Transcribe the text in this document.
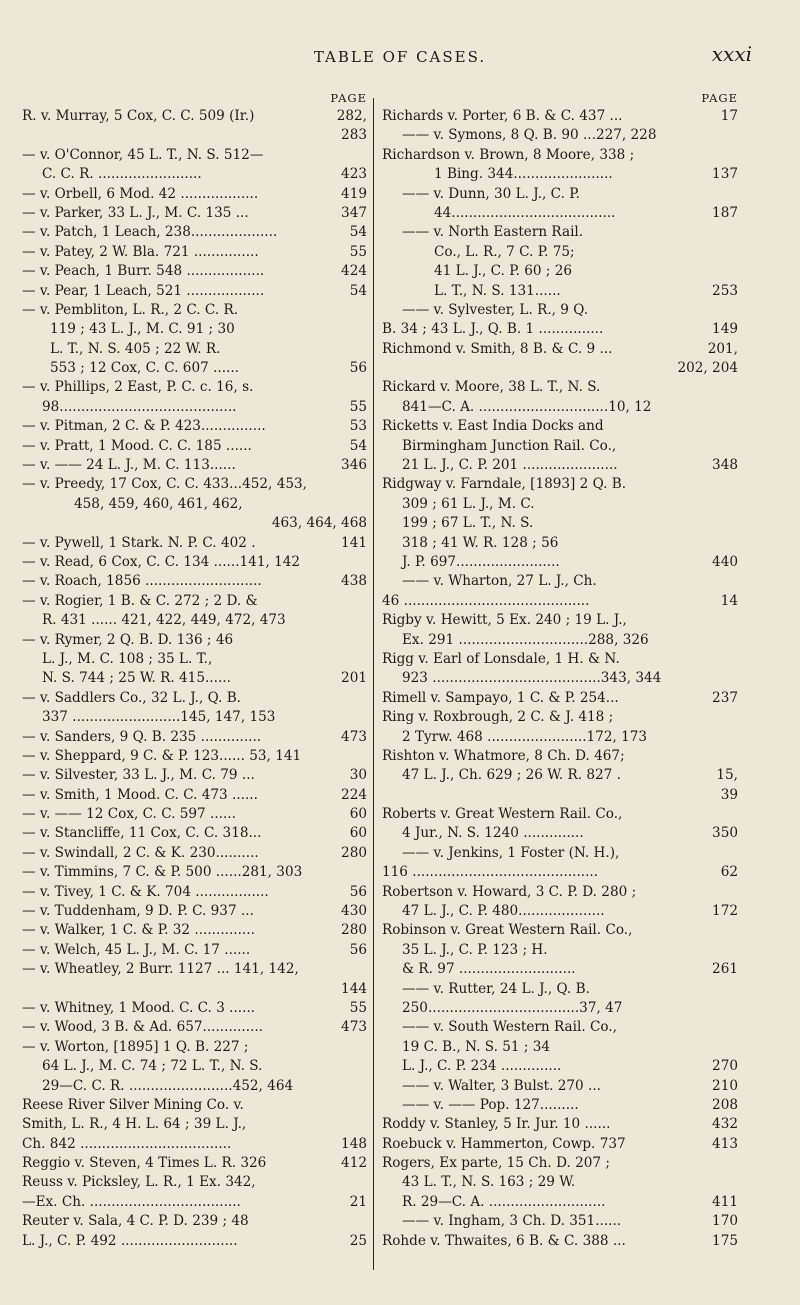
TABLE OF CASES.	xxxi
PAGE
R. v. Murray, 5 Cox, C. C. 509 (Ir.)	282,
283
— v. O'Connor, 45 L. T., N. S. 512—
C. C. R. ........................	423
— v. Orbell, 6 Mod. 42 ..................	419
— v. Parker, 33 L. J., M. C. 135 ...	347
— v. Patch, 1 Leach, 238....................	54
— v. Patey, 2 W. Bla. 721 ...............	55
— v. Peach, 1 Burr. 548 ..................	424
— v. Pear, 1 Leach, 521 ..................	54
— v. Pembliton, L. R., 2 C. C. R.
119 ; 43 L. J., M. C. 91 ; 30
L. T., N. S. 405 ; 22 W. R.
553 ; 12 Cox, C. C. 607 ......	56
— v. Phillips, 2 East, P. C. c. 16, s.
98.........................................	55
— v. Pitman, 2 C. & P. 423...............	53
— v. Pratt, 1 Mood. C. C. 185 ......	54
— v. —— 24 L. J., M. C. 113......	346
— v. Preedy, 17 Cox, C. C. 433...452, 453,
458, 459, 460, 461, 462,
463, 464, 468
— v. Pywell, 1 Stark. N. P. C. 402 .	141
— v. Read, 6 Cox, C. C. 134 ......141, 142
— v. Roach, 1856 ...........................	438
— v. Rogier, 1 B. & C. 272 ; 2 D. &
R. 431 ...... 421, 422, 449, 472, 473
— v. Rymer, 2 Q. B. D. 136 ; 46
L. J., M. C. 108 ; 35 L. T.,
N. S. 744 ; 25 W. R. 415......	201
— v. Saddlers Co., 32 L. J., Q. B.
337 .........................145, 147, 153
— v. Sanders, 9 Q. B. 235 ..............	473
— v. Sheppard, 9 C. & P. 123...... 53, 141
— v. Silvester, 33 L. J., M. C. 79 ...	30
— v. Smith, 1 Mood. C. C. 473 ......	224
— v. —— 12 Cox, C. C. 597 ......	60
— v. Stancliffe, 11 Cox, C. C. 318...	60
— v. Swindall, 2 C. & K. 230..........	280
— v. Timmins, 7 C. & P. 500 ......281, 303
— v. Tivey, 1 C. & K. 704 .................	56
— v. Tuddenham, 9 D. P. C. 937 ...	430
— v. Walker, 1 C. & P. 32 ..............	280
— v. Welch, 45 L. J., M. C. 17 ......	56
— v. Wheatley, 2 Burr. 1127 ... 141, 142,
144
— v. Whitney, 1 Mood. C. C. 3 ......	55
— v. Wood, 3 B. & Ad. 657..............	473
— v. Worton, [1895] 1 Q. B. 227 ;
64 L. J., M. C. 74 ; 72 L. T., N. S.
29—C. C. R. ........................452, 464
Reese River Silver Mining Co. v.
Smith, L. R., 4 H. L. 64 ; 39 L. J.,
Ch. 842 ...................................	148
Reggio v. Steven, 4 Times L. R. 326	412
Reuss v. Picksley, L. R., 1 Ex. 342,
—Ex. Ch. ...................................	21
Reuter v. Sala, 4 C. P. D. 239 ; 48
L. J., C. P. 492 ...........................	25
PAGE
Richards v. Porter, 6 B. & C. 437 ...	17
—— v. Symons, 8 Q. B. 90 ...227, 228
Richardson v. Brown, 8 Moore, 338 ;
1 Bing. 344.......................	137
—— v. Dunn, 30 L. J., C. P.
44......................................	187
—— v. North Eastern Rail.
Co., L. R., 7 C. P. 75;
41 L. J., C. P. 60 ; 26
L. T., N. S. 131......	253
—— v. Sylvester, L. R., 9 Q.
B. 34 ; 43 L. J., Q. B. 1 ...............	149
Richmond v. Smith, 8 B. & C. 9 ...	201,
202, 204
Rickard v. Moore, 38 L. T., N. S.
841—C. A. ..............................10, 12
Ricketts v. East India Docks and
Birmingham Junction Rail. Co.,
21 L. J., C. P. 201 ......................	348
Ridgway v. Farndale, [1893] 2 Q. B.
309 ; 61 L. J., M. C.
199 ; 67 L. T., N. S.
318 ; 41 W. R. 128 ; 56
J. P. 697........................	440
—— v. Wharton, 27 L. J., Ch.
46 ...........................................	14
Rigby v. Hewitt, 5 Ex. 240 ; 19 L. J.,
Ex. 291 ..............................288, 326
Rigg v. Earl of Lonsdale, 1 H. & N.
923 .......................................343, 344
Rimell v. Sampayo, 1 C. & P. 254...	237
Ring v. Roxbrough, 2 C. & J. 418 ;
2 Tyrw. 468 .......................172, 173
Rishton v. Whatmore, 8 Ch. D. 467;
47 L. J., Ch. 629 ; 26 W. R. 827 .	15,
39
Roberts v. Great Western Rail. Co.,
4 Jur., N. S. 1240 ..............	350
—— v. Jenkins, 1 Foster (N. H.),
116 ...........................................	62
Robertson v. Howard, 3 C. P. D. 280 ;
47 L. J., C. P. 480....................	172
Robinson v. Great Western Rail. Co.,
35 L. J., C. P. 123 ; H.
& R. 97 ...........................	261
—— v. Rutter, 24 L. J., Q. B.
250...................................37, 47
—— v. South Western Rail. Co.,
19 C. B., N. S. 51 ; 34
L. J., C. P. 234 ..............	270
—— v. Walter, 3 Bulst. 270 ...	210
—— v. —— Pop. 127.........	208
Roddy v. Stanley, 5 Ir. Jur. 10 ......	432
Roebuck v. Hammerton, Cowp. 737	413
Rogers, Ex parte, 15 Ch. D. 207 ;
43 L. T., N. S. 163 ; 29 W.
R. 29—C. A. ...........................	411
—— v. Ingham, 3 Ch. D. 351......	170
Rohde v. Thwaites, 6 B. & C. 388 ...	175
